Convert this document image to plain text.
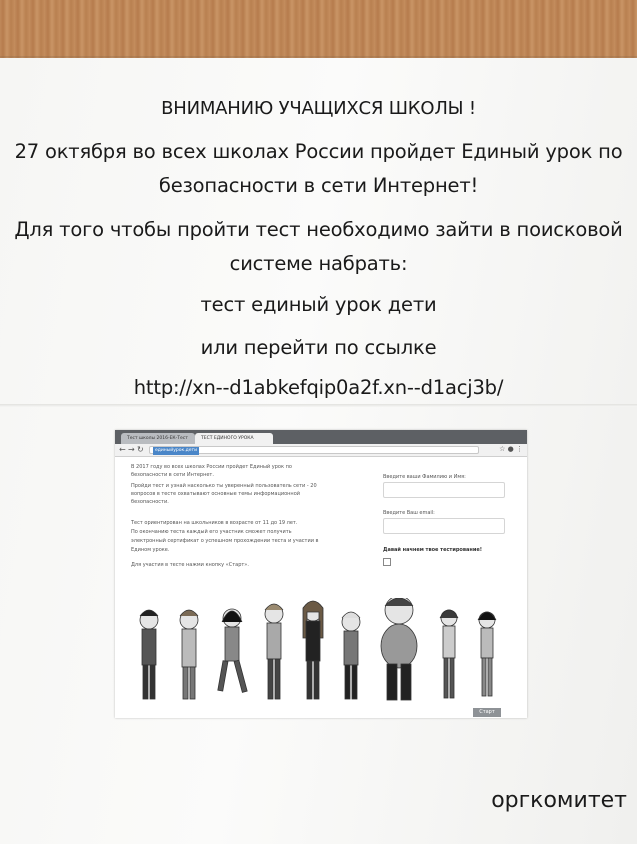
ВНИМАНИЮ УЧАЩИХСЯ ШКОЛЫ !
27 октября во всех школах России пройдет Единый урок по
безопасности в сети Интернет!
Для того чтобы пройти тест необходимо зайти в поисковой
системе набрать:
тест единый урок дети
или перейти по ссылке
http://xn--d1abkefqip0a2f.xn--d1acj3b/
Тест школы 2016-ЕК-Тест	ТЕСТ ЕДИНОГО УРОКА
← → ↻	единыйурок.дети	☆ ● ⋮
В 2017 году во всех школах России пройдет Единый урок по
безопасности в сети Интернет.
Пройди тест и узнай насколько ты уверенный пользователь сети - 20
вопросов в тесте охватывают основные темы информационной
безопасности.
Тест ориентирован на школьников в возрасте от 11 до 19 лет.
По окончанию теста каждый его участник сможет получить
электронный сертификат о успешном прохождении теста и участии в
Едином уроке.
Для участия в тесте нажми кнопку «Старт».
Введите ваши Фамилию и Имя:
Введите Ваш email:
Давай начнем твое тестирование!
Старт
оргкомитет
